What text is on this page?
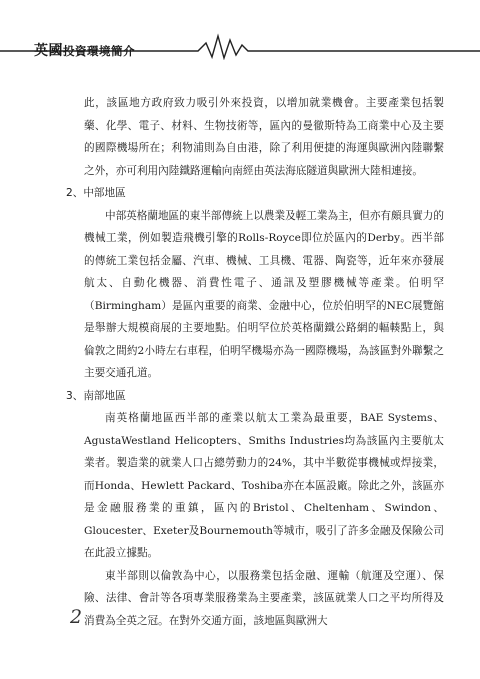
英國投資環境簡介

此，該區地方政府致力吸引外來投資，以增加就業機會。主要產業包括製藥、化學、電子、材料、生物技術等，區內的曼徹斯特為工商業中心及主要的國際機場所在；利物浦則為自由港，除了利用便捷的海運與歐洲內陸聯繫之外，亦可利用內陸鐵路運輸向南經由英法海底隧道與歐洲大陸相連接。

2、中部地區

中部英格蘭地區的東半部傳統上以農業及輕工業為主，但亦有頗具實力的機械工業，例如製造飛機引擎的Rolls-Royce即位於區內的Derby。西半部的傳統工業包括金屬、汽車、機械、工具機、電器、陶瓷等，近年來亦發展航太、自動化機器、消費性電子、通訊及塑膠機械等產業。伯明罕（Birmingham）是區內重要的商業、金融中心，位於伯明罕的NEC展覽館是舉辦大規模商展的主要地點。伯明罕位於英格蘭鐵公路網的輻輳點上，與倫敦之間約2小時左右車程，伯明罕機場亦為一國際機場，為該區對外聯繫之主要交通孔道。

3、南部地區

南英格蘭地區西半部的產業以航太工業為最重要，BAE Systems、AgustaWestland Helicopters、Smiths Industries均為該區內主要航太業者。製造業的就業人口占總勞動力的24%，其中半數從事機械或焊接業，而Honda、Hewlett Packard、Toshiba亦在本區設廠。除此之外，該區亦是金融服務業的重鎮，區內的Bristol、Cheltenham、Swindon、Gloucester、Exeter及Bournemouth等城市，吸引了許多金融及保險公司在此設立據點。

東半部則以倫敦為中心，以服務業包括金融、運輸（航運及空運）、保險、法律、會計等各項專業服務業為主要產業，該區就業人口之平均所得及消費為全英之冠。在對外交通方面，該地區與歐洲大

2
